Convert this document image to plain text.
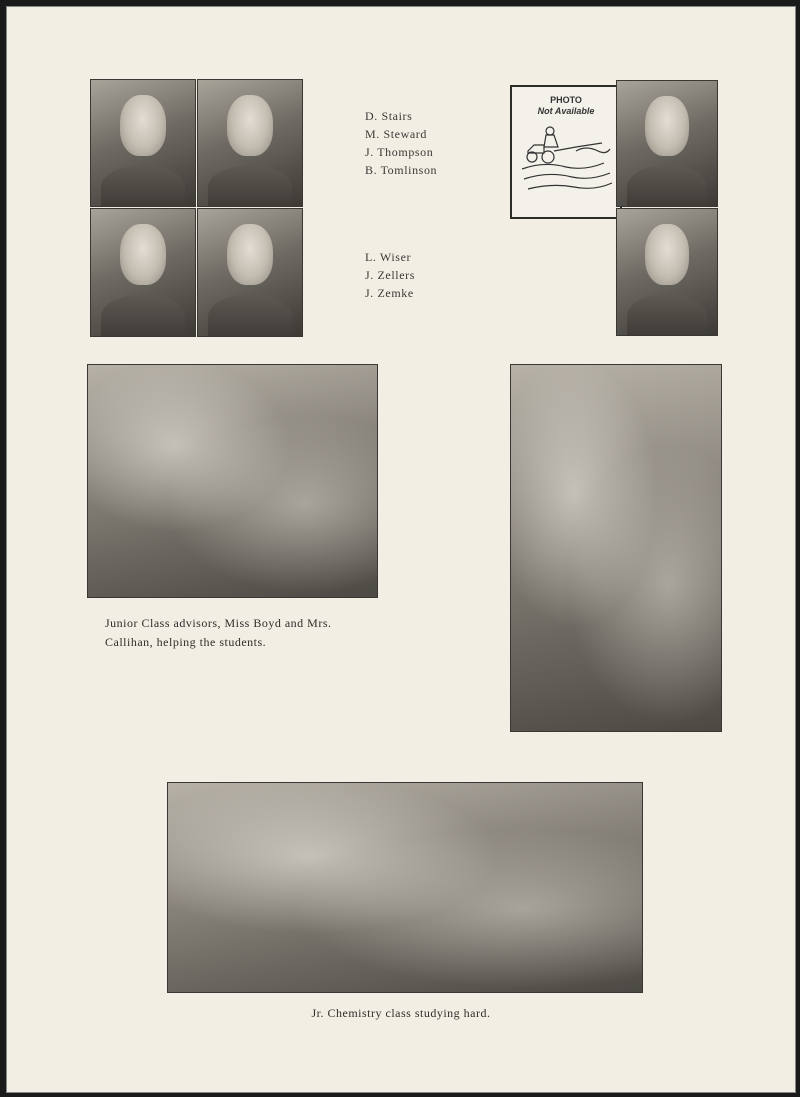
D. Stairs
M. Steward
J. Thompson
B. Tomlinson
L. Wiser
J. Zellers
J. Zemke
PHOTO
Not Available
Junior Class advisors, Miss Boyd and Mrs.
Callihan, helping the students.
Jr. Chemistry class studying hard.
